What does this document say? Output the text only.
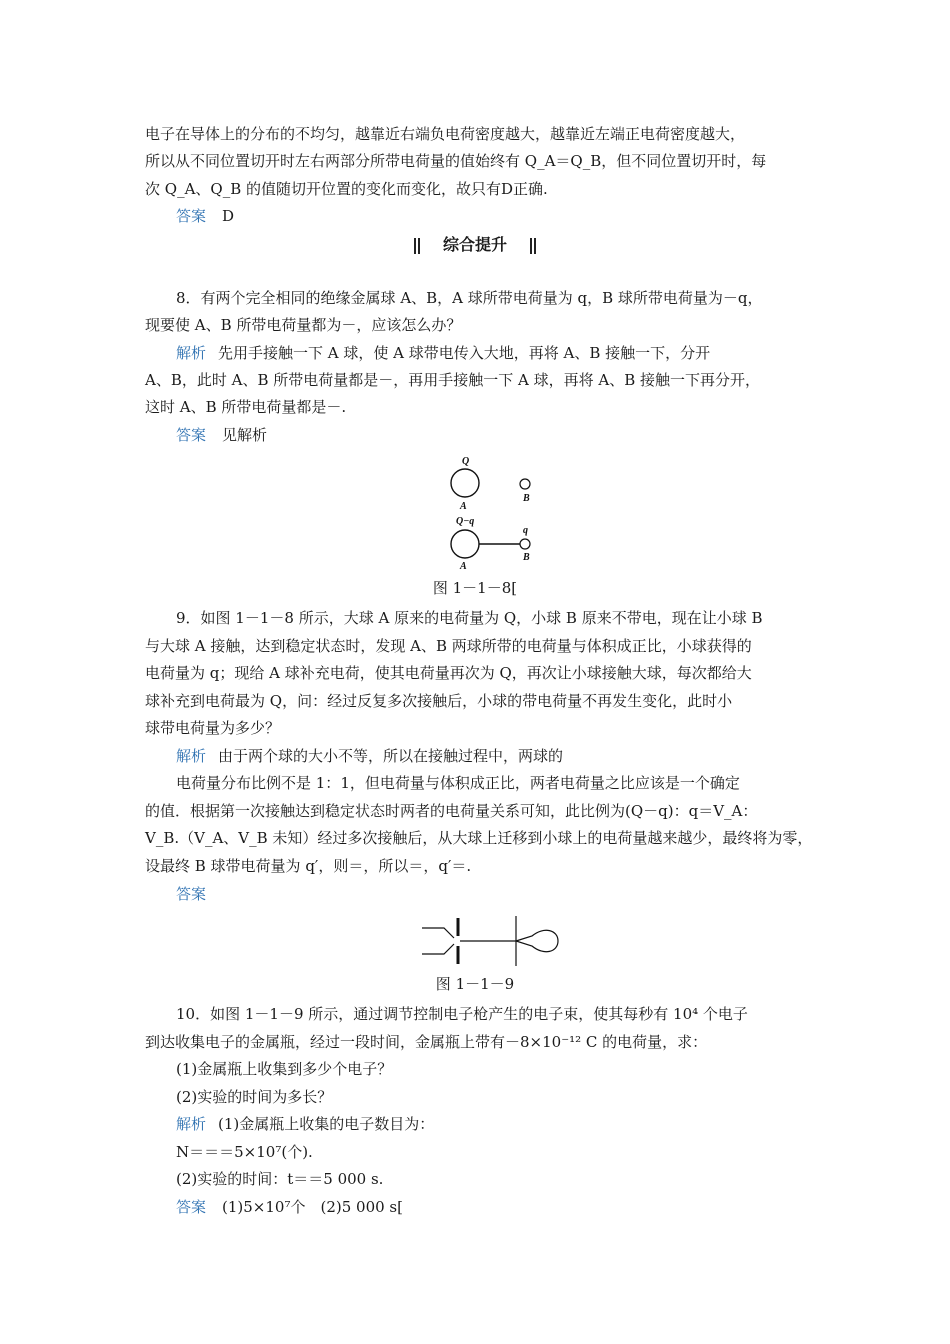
电子在导体上的分布的不均匀，越靠近右端负电荷密度越大，越靠近左端正电荷密度越大，
所以从不同位置切开时左右两部分所带电荷量的值始终有 Q_A＝Q_B，但不同位置切开时，每
次 Q_A、Q_B 的值随切开位置的变化而变化，故只有D正确.
答案 D
综合提升
8．有两个完全相同的绝缘金属球 A、B，A 球所带电荷量为 q，B 球所带电荷量为－q，
现要使 A、B 所带电荷量都为－，应该怎么办？
解析 先用手接触一下 A 球，使 A 球带电传入大地，再将 A、B 接触一下，分开
A、B，此时 A、B 所带电荷量都是－，再用手接触一下 A 球，再将 A、B 接触一下再分开，
这时 A、B 所带电荷量都是－.
答案 见解析
Q
A
B
Q−q
q
A
B
图 1－1－8[
9．如图 1－1－8 所示，大球 A 原来的电荷量为 Q，小球 B 原来不带电，现在让小球 B
与大球 A 接触，达到稳定状态时，发现 A、B 两球所带的电荷量与体积成正比，小球获得的
电荷量为 q；现给 A 球补充电荷，使其电荷量再次为 Q，再次让小球接触大球，每次都给大
球补充到电荷最为 Q，问：经过反复多次接触后，小球的带电荷量不再发生变化，此时小
球带电荷量为多少？
解析 由于两个球的大小不等，所以在接触过程中，两球的
电荷量分布比例不是 1：1，但电荷量与体积成正比，两者电荷量之比应该是一个确定
的值．根据第一次接触达到稳定状态时两者的电荷量关系可知，此比例为(Q－q)：q＝V_A：
V_B.（V_A、V_B 未知）经过多次接触后，从大球上迁移到小球上的电荷量越来越少，最终将为零，
设最终 B 球带电荷量为 q′，则＝，所以＝，q′＝.
答案
图 1－1－9
10．如图 1－1－9 所示，通过调节控制电子枪产生的电子束，使其每秒有 10⁴ 个电子
到达收集电子的金属瓶，经过一段时间，金属瓶上带有－8×10⁻¹² C 的电荷量，求：
(1)金属瓶上收集到多少个电子？
(2)实验的时间为多长？
解析 (1)金属瓶上收集的电子数目为：
N＝＝＝5×10⁷(个).
(2)实验的时间：t＝＝5 000 s.
答案 (1)5×10⁷个　(2)5 000 s[
